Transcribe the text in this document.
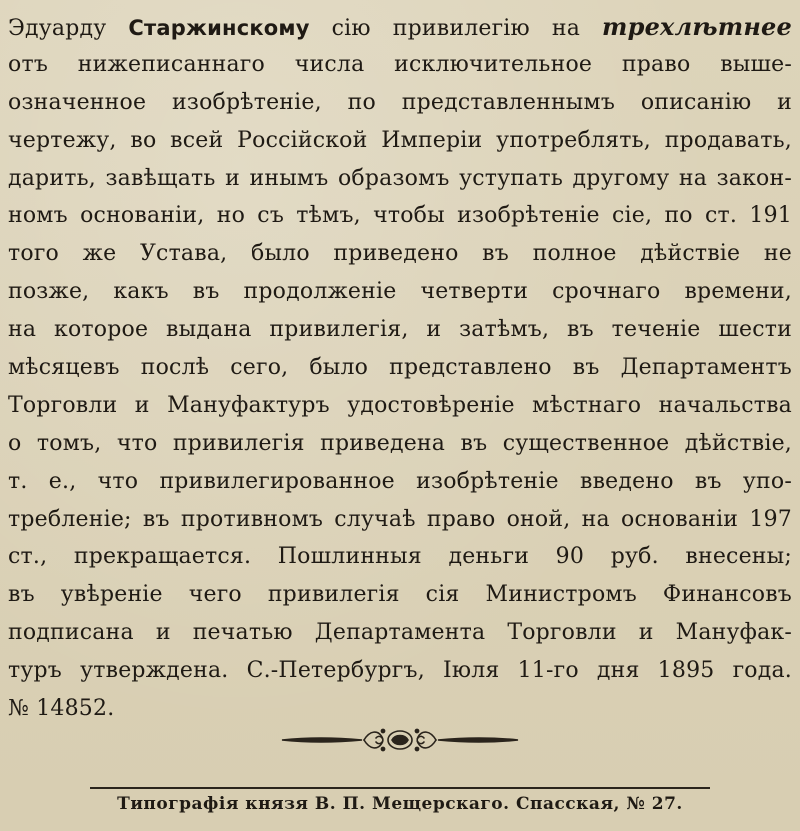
Эдуарду Старжинскому сію привилегію на трехлѣтнее
отъ нижеписаннаго числа исключительное право выше-
означенное изобрѣтеніе, по представленнымъ описанію и
чертежу, во всей Россійской Имперіи употреблять, продавать,
дарить, завѣщать и инымъ образомъ уступать другому на закон-
номъ основаніи, но съ тѣмъ, чтобы изобрѣтеніе сіе, по ст. 191
того же Устава, было приведено въ полное дѣйствіе не
позже, какъ въ продолженіе четверти срочнаго времени,
на которое выдана привилегія, и затѣмъ, въ теченіе шести
мѣсяцевъ послѣ сего, было представлено въ Департаментъ
Торговли и Мануфактуръ удостовѣреніе мѣстнаго начальства
о томъ, что привилегія приведена въ существенное дѣйствіе,
т. е., что привилегированное изобрѣтеніе введено въ упо-
требленіе; въ противномъ случаѣ право оной, на основаніи 197
ст., прекращается. Пошлинныя деньги 90 руб. внесены;
въ увѣреніе чего привилегія сія Министромъ Финансовъ
подписана и печатью Департамента Торговли и Мануфак-
туръ утверждена. С.-Петербургъ, Іюля 11-го дня 1895 года.
№ 14852.
Типографія князя В. П. Мещерскаго. Спасская, № 27.
